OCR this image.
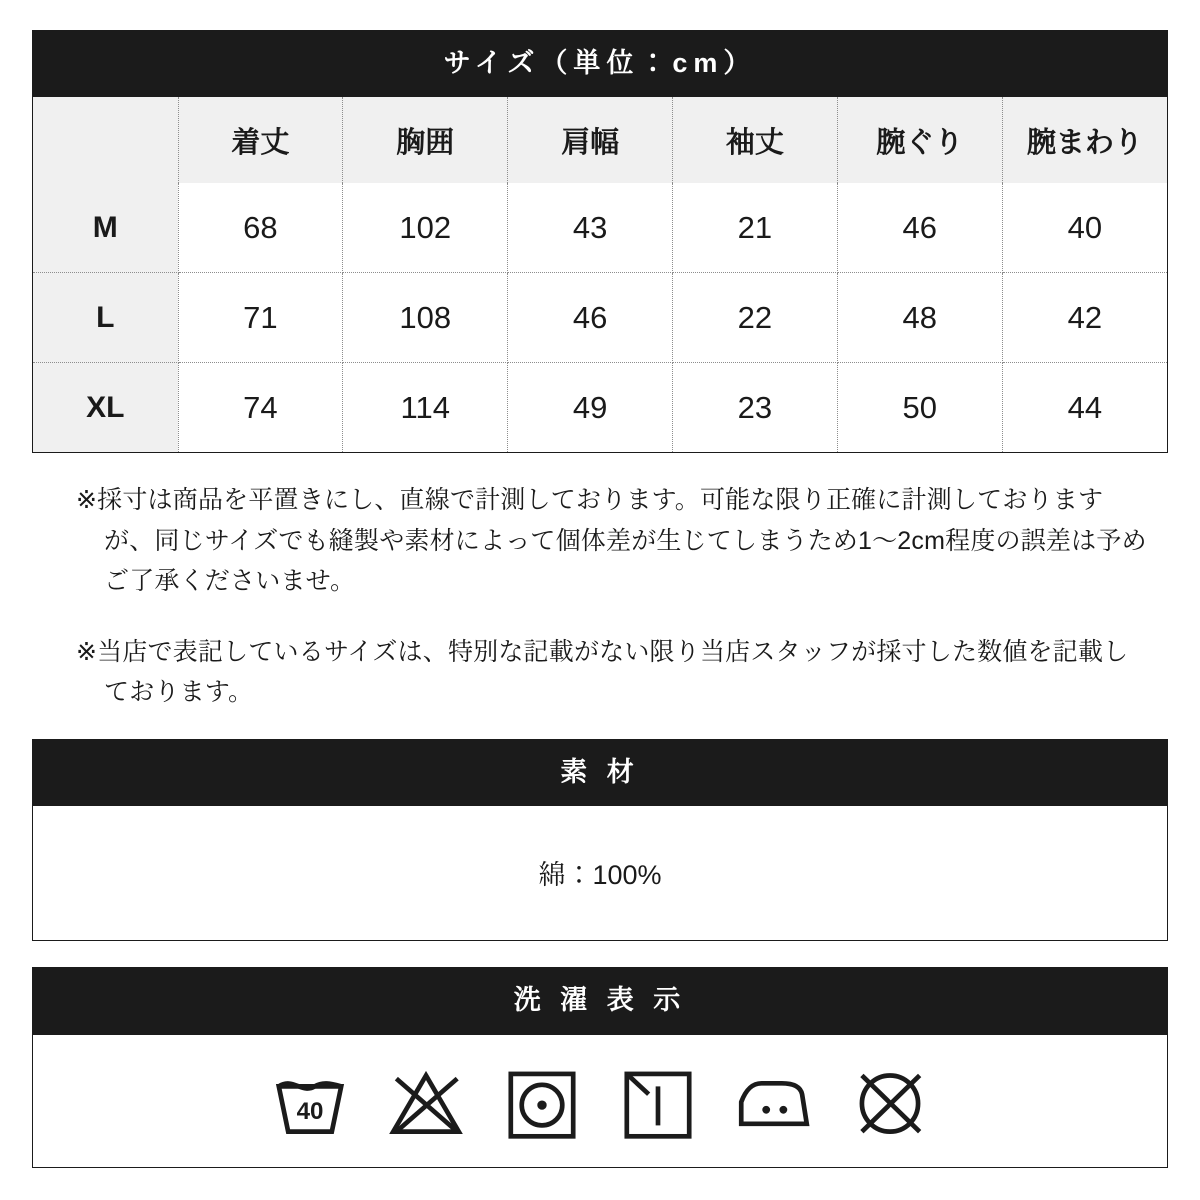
サイズ（単位：cm）
	着丈	胸囲	肩幅	袖丈	腕ぐり	腕まわり
M	68	102	43	21	46	40
L	71	108	46	22	48	42
XL	74	114	49	23	50	44

※採寸は商品を平置きにし、直線で計測しております。可能な限り正確に計測しておりますが、同じサイズでも縫製や素材によって個体差が生じてしまうため1〜2cm程度の誤差は予めご了承くださいませ。

※当店で表記しているサイズは、特別な記載がない限り当店スタッフが採寸した数値を記載しております。

素 材
綿：100%
洗 濯 表 示
40
